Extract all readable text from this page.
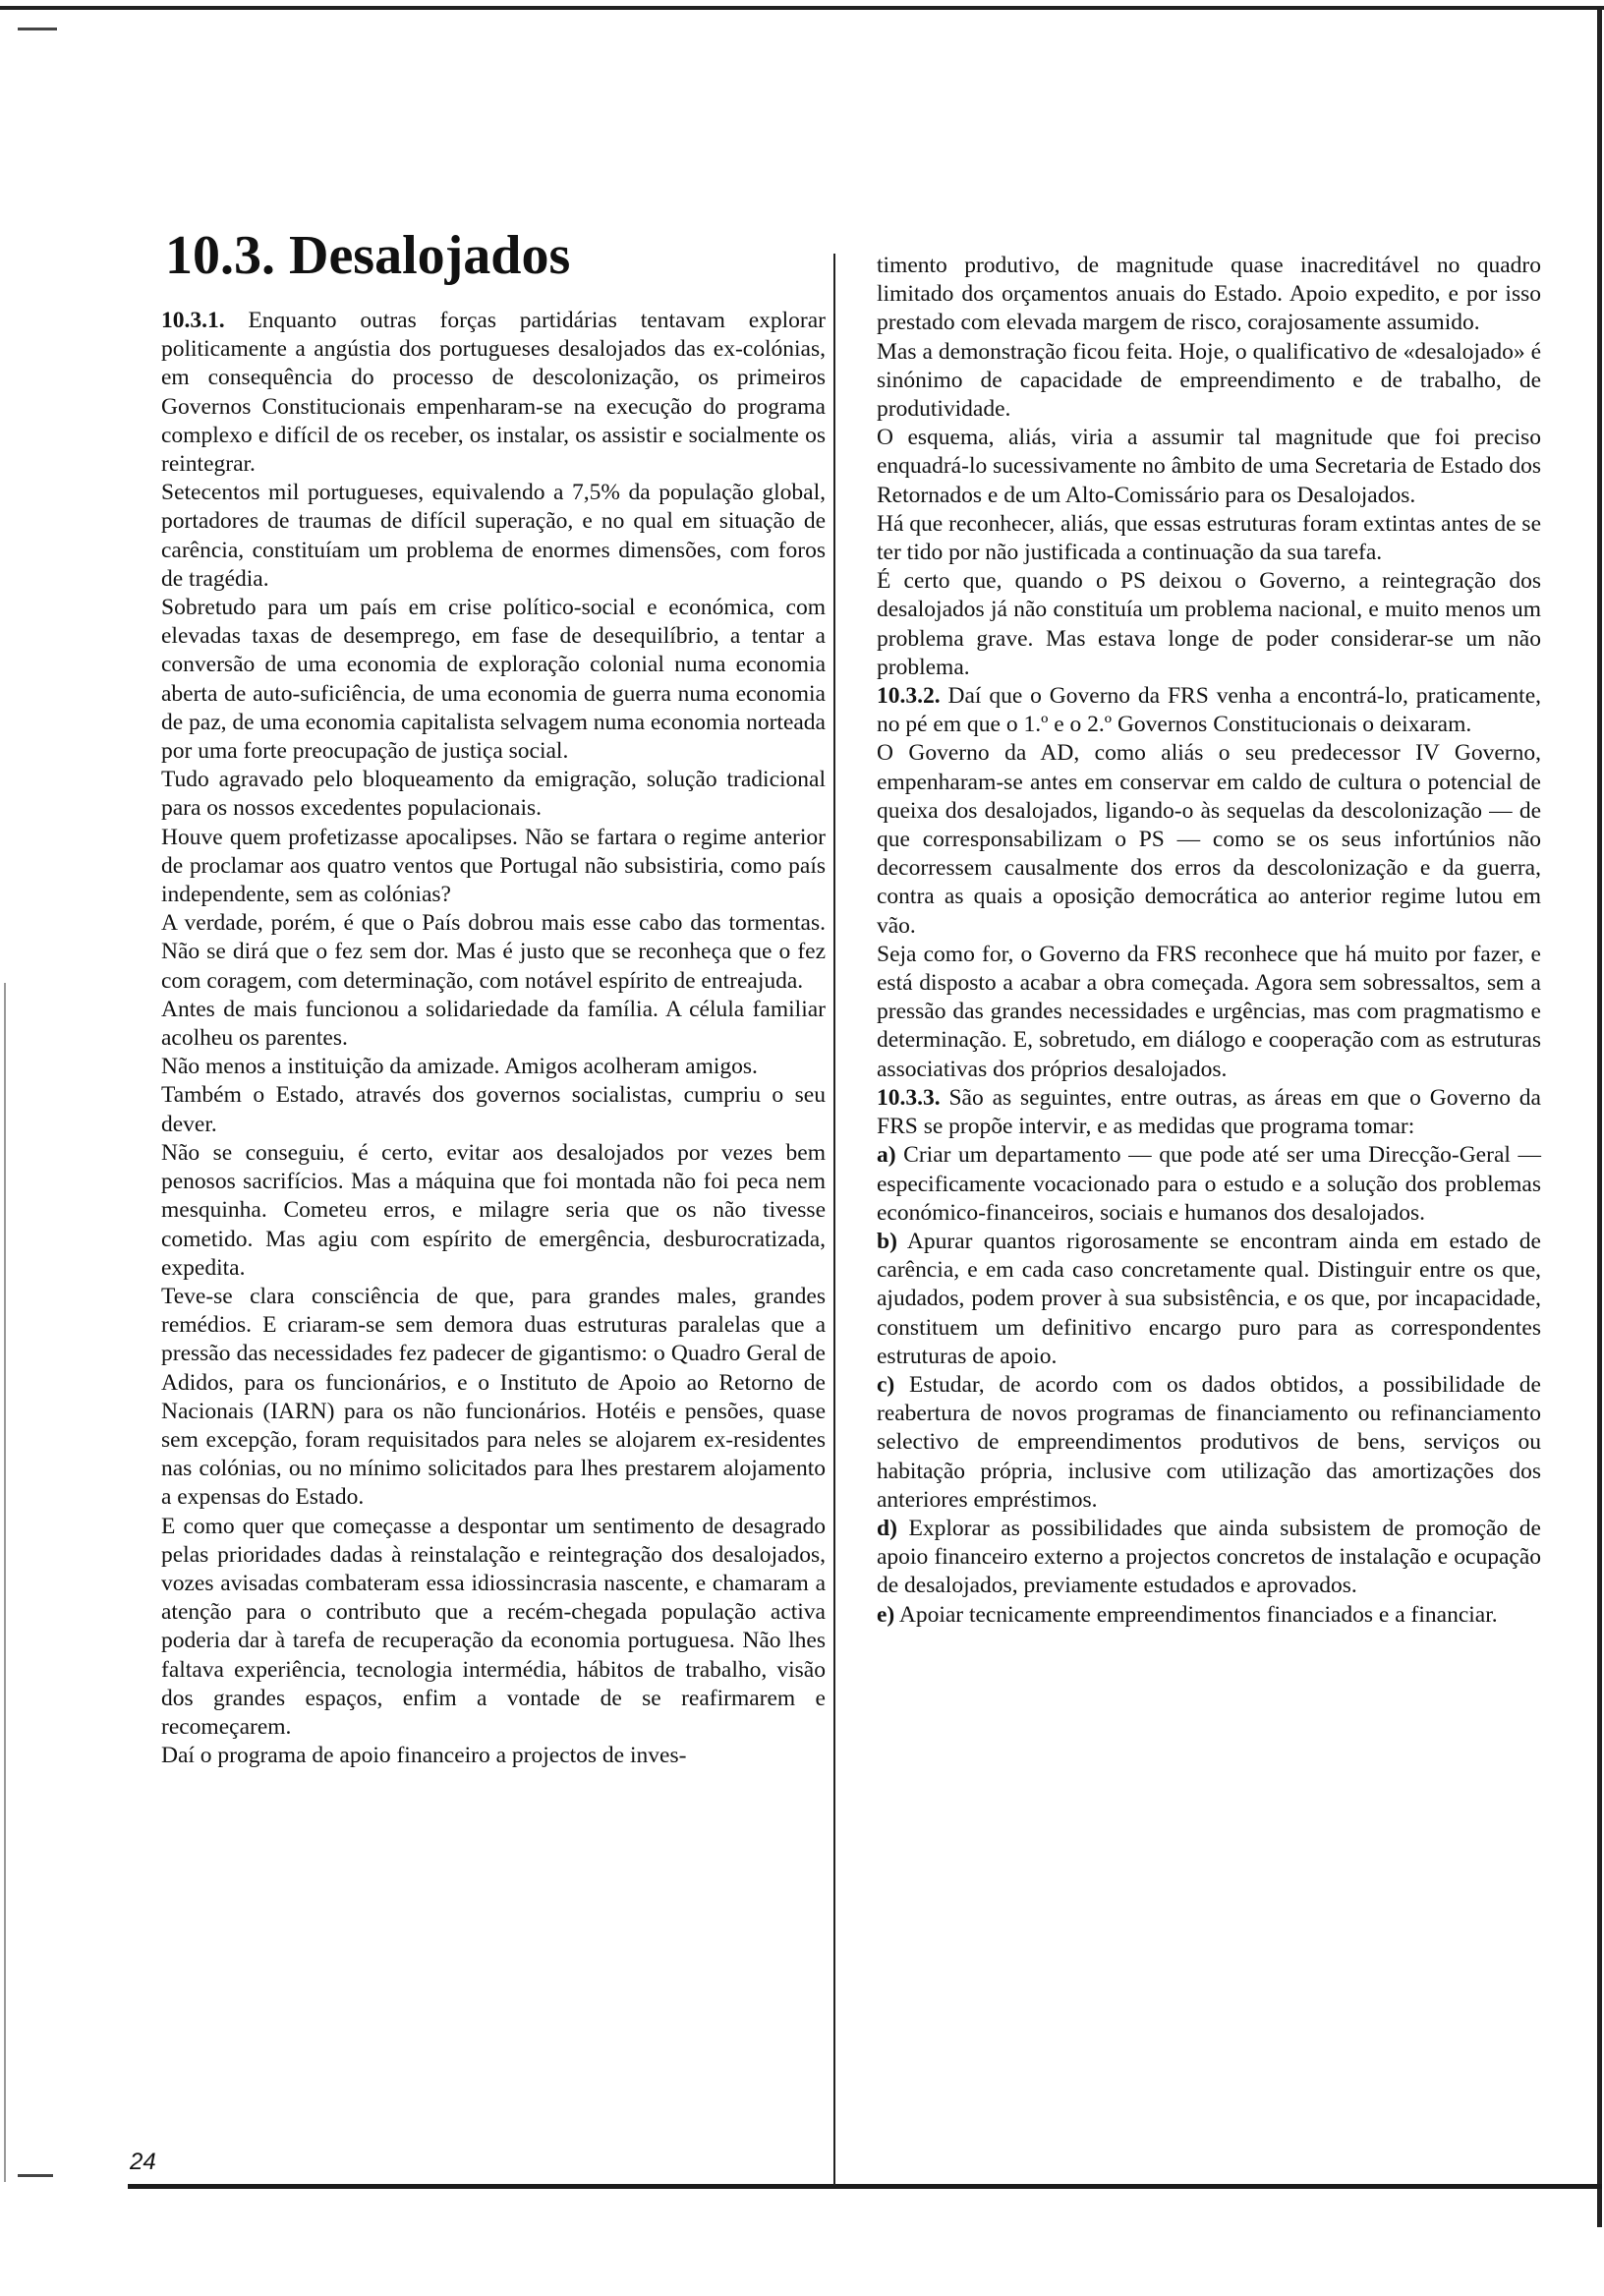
10.3. Desalojados

10.3.1. Enquanto outras forças partidárias tentavam explorar politicamente a angústia dos portugueses desalojados das ex-colónias, em consequência do processo de descolonização, os primeiros Governos Constitucionais empenharam-se na execução do programa complexo e difícil de os receber, os instalar, os assistir e socialmente os reintegrar.

Setecentos mil portugueses, equivalendo a 7,5% da população global, portadores de traumas de difícil superação, e no qual em situação de carência, constituíam um problema de enormes dimensões, com foros de tragédia.

Sobretudo para um país em crise político-social e económica, com elevadas taxas de desemprego, em fase de desequilíbrio, a tentar a conversão de uma economia de exploração colonial numa economia aberta de auto-suficiência, de uma economia de guerra numa economia de paz, de uma economia capitalista selvagem numa economia norteada por uma forte preocupação de justiça social.

Tudo agravado pelo bloqueamento da emigração, solução tradicional para os nossos excedentes populacionais.

Houve quem profetizasse apocalipses. Não se fartara o regime anterior de proclamar aos quatro ventos que Portugal não subsistiria, como país independente, sem as colónias?

A verdade, porém, é que o País dobrou mais esse cabo das tormentas. Não se dirá que o fez sem dor. Mas é justo que se reconheça que o fez com coragem, com determinação, com notável espírito de entreajuda.

Antes de mais funcionou a solidariedade da família. A célula familiar acolheu os parentes.

Não menos a instituição da amizade. Amigos acolheram amigos.

Também o Estado, através dos governos socialistas, cumpriu o seu dever.

Não se conseguiu, é certo, evitar aos desalojados por vezes bem penosos sacrifícios. Mas a máquina que foi montada não foi peca nem mesquinha. Cometeu erros, e milagre seria que os não tivesse cometido. Mas agiu com espírito de emergência, desburocratizada, expedita.

Teve-se clara consciência de que, para grandes males, grandes remédios. E criaram-se sem demora duas estruturas paralelas que a pressão das necessidades fez padecer de gigantismo: o Quadro Geral de Adidos, para os funcionários, e o Instituto de Apoio ao Retorno de Nacionais (IARN) para os não funcionários. Hotéis e pensões, quase sem excepção, foram requisitados para neles se alojarem ex-residentes nas colónias, ou no mínimo solicitados para lhes prestarem alojamento a expensas do Estado.

E como quer que começasse a despontar um sentimento de desagrado pelas prioridades dadas à reinstalação e reintegração dos desalojados, vozes avisadas combateram essa idiossincrasia nascente, e chamaram a atenção para o contributo que a recém-chegada população activa poderia dar à tarefa de recuperação da economia portuguesa. Não lhes faltava experiência, tecnologia intermédia, hábitos de trabalho, visão dos grandes espaços, enfim a vontade de se reafirmarem e recomeçarem.

Daí o programa de apoio financeiro a projectos de inves-

timento produtivo, de magnitude quase inacreditável no quadro limitado dos orçamentos anuais do Estado. Apoio expedito, e por isso prestado com elevada margem de risco, corajosamente assumido.

Mas a demonstração ficou feita. Hoje, o qualificativo de «desalojado» é sinónimo de capacidade de empreendimento e de trabalho, de produtividade.

O esquema, aliás, viria a assumir tal magnitude que foi preciso enquadrá-lo sucessivamente no âmbito de uma Secretaria de Estado dos Retornados e de um Alto-Comissário para os Desalojados.

Há que reconhecer, aliás, que essas estruturas foram extintas antes de se ter tido por não justificada a continuação da sua tarefa.

É certo que, quando o PS deixou o Governo, a reintegração dos desalojados já não constituía um problema nacional, e muito menos um problema grave. Mas estava longe de poder considerar-se um não problema.

10.3.2. Daí que o Governo da FRS venha a encontrá-lo, praticamente, no pé em que o 1.º e o 2.º Governos Constitucionais o deixaram.

O Governo da AD, como aliás o seu predecessor IV Governo, empenharam-se antes em conservar em caldo de cultura o potencial de queixa dos desalojados, ligando-o às sequelas da descolonização — de que corresponsabilizam o PS — como se os seus infortúnios não decorressem causalmente dos erros da descolonização e da guerra, contra as quais a oposição democrática ao anterior regime lutou em vão.

Seja como for, o Governo da FRS reconhece que há muito por fazer, e está disposto a acabar a obra começada. Agora sem sobressaltos, sem a pressão das grandes necessidades e urgências, mas com pragmatismo e determinação. E, sobretudo, em diálogo e cooperação com as estruturas associativas dos próprios desalojados.

10.3.3. São as seguintes, entre outras, as áreas em que o Governo da FRS se propõe intervir, e as medidas que programa tomar:

a) Criar um departamento — que pode até ser uma Direcção-Geral — especificamente vocacionado para o estudo e a solução dos problemas económico-financeiros, sociais e humanos dos desalojados.

b) Apurar quantos rigorosamente se encontram ainda em estado de carência, e em cada caso concretamente qual. Distinguir entre os que, ajudados, podem prover à sua subsistência, e os que, por incapacidade, constituem um definitivo encargo puro para as correspondentes estruturas de apoio.

c) Estudar, de acordo com os dados obtidos, a possibilidade de reabertura de novos programas de financiamento ou refinanciamento selectivo de empreendimentos produtivos de bens, serviços ou habitação própria, inclusive com utilização das amortizações dos anteriores empréstimos.

d) Explorar as possibilidades que ainda subsistem de promoção de apoio financeiro externo a projectos concretos de instalação e ocupação de desalojados, previamente estudados e aprovados.

e) Apoiar tecnicamente empreendimentos financiados e a financiar.

24
